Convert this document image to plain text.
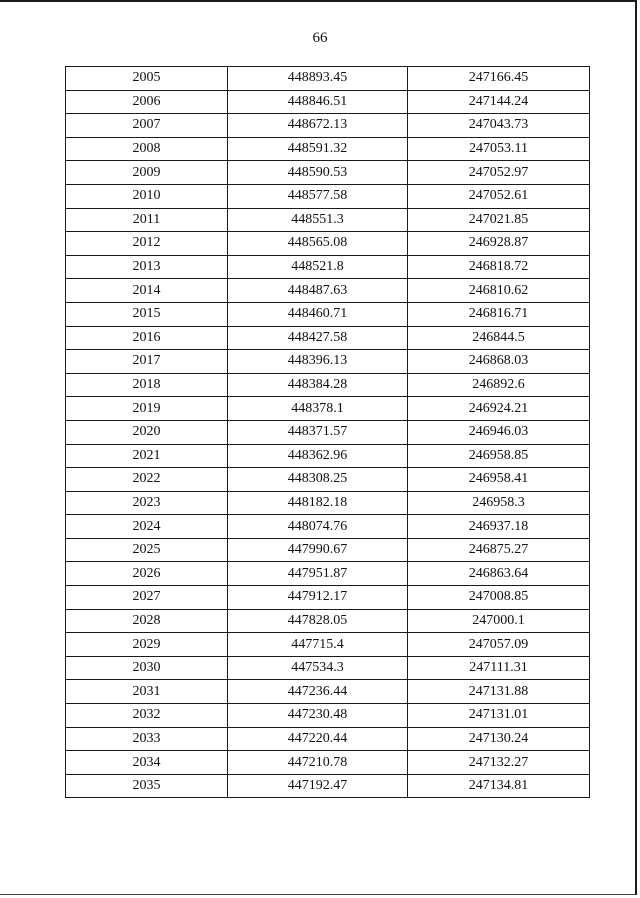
66
2005	448893.45	247166.45
2006	448846.51	247144.24
2007	448672.13	247043.73
2008	448591.32	247053.11
2009	448590.53	247052.97
2010	448577.58	247052.61
2011	448551.3	247021.85
2012	448565.08	246928.87
2013	448521.8	246818.72
2014	448487.63	246810.62
2015	448460.71	246816.71
2016	448427.58	246844.5
2017	448396.13	246868.03
2018	448384.28	246892.6
2019	448378.1	246924.21
2020	448371.57	246946.03
2021	448362.96	246958.85
2022	448308.25	246958.41
2023	448182.18	246958.3
2024	448074.76	246937.18
2025	447990.67	246875.27
2026	447951.87	246863.64
2027	447912.17	247008.85
2028	447828.05	247000.1
2029	447715.4	247057.09
2030	447534.3	247111.31
2031	447236.44	247131.88
2032	447230.48	247131.01
2033	447220.44	247130.24
2034	447210.78	247132.27
2035	447192.47	247134.81
